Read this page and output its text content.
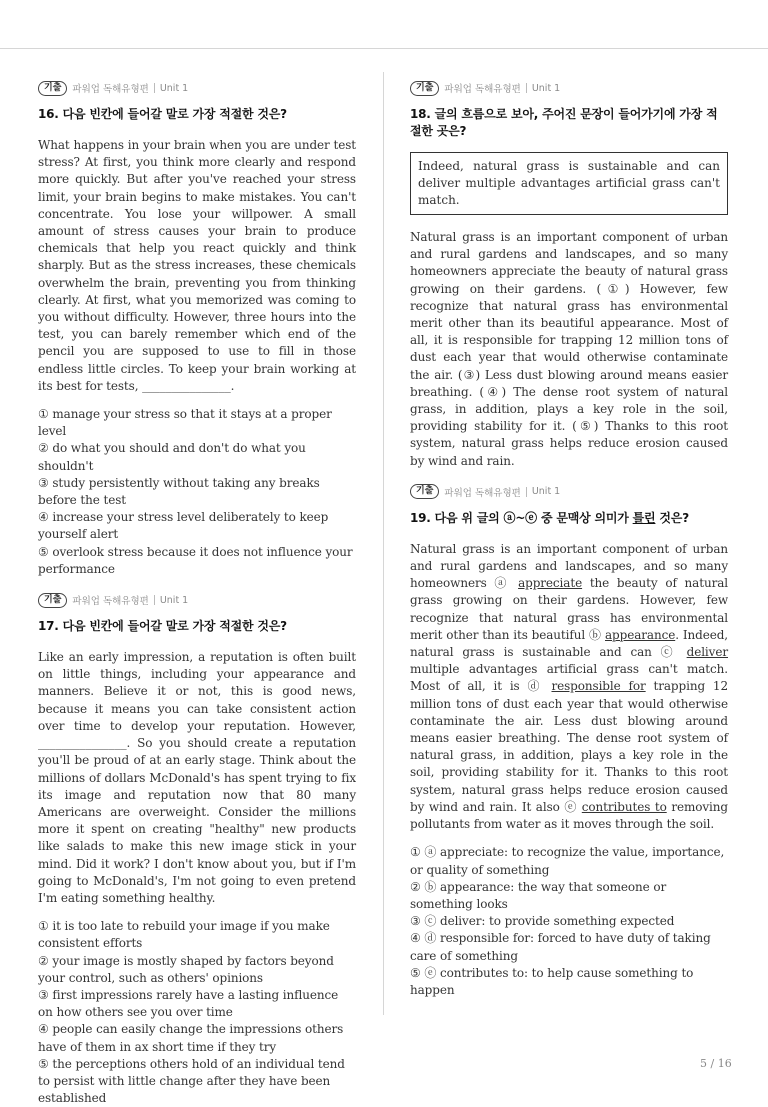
기출	파워업 독해유형편 Unit 1
16. 다음 빈칸에 들어갈 말로 가장 적절한 것은?
What happens in your brain when you are under test stress? At first, you think more clearly and respond more quickly. But after you've reached your stress limit, your brain begins to make mistakes. You can't concentrate. You lose your willpower. A small amount of stress causes your brain to produce chemicals that help you react quickly and think sharply. But as the stress increases, these chemicals overwhelm the brain, preventing you from thinking clearly. At first, what you memorized was coming to you without difficulty. However, three hours into the test, you can barely remember which end of the pencil you are supposed to use to fill in those endless little circles. To keep your brain working at its best for tests, _______________.
① manage your stress so that it stays at a proper level
② do what you should and don't do what you shouldn't
③ study persistently without taking any breaks before the test
④ increase your stress level deliberately to keep yourself alert
⑤ overlook stress because it does not influence your performance
기출	파워업 독해유형편 Unit 1
17. 다음 빈칸에 들어갈 말로 가장 적절한 것은?
Like an early impression, a reputation is often built on little things, including your appearance and manners. Believe it or not, this is good news, because it means you can take consistent action over time to develop your reputation. However, _______________. So you should create a reputation you'll be proud of at an early stage. Think about the millions of dollars McDonald's has spent trying to fix its image and reputation now that 80 many Americans are overweight. Consider the millions more it spent on creating "healthy" new products like salads to make this new image stick in your mind. Did it work? I don't know about you, but if I'm going to McDonald's, I'm not going to even pretend I'm eating something healthy.
① it is too late to rebuild your image if you make consistent efforts
② your image is mostly shaped by factors beyond your control, such as others' opinions
③ first impressions rarely have a lasting influence on how others see you over time
④ people can easily change the impressions others have of them in ax short time if they try
⑤ the perceptions others hold of an individual tend to persist with little change after they have been established
기출	파워업 독해유형편 Unit 1
18. 글의 흐름으로 보아, 주어진 문장이 들어가기에 가장 적절한 곳은?
Indeed, natural grass is sustainable and can deliver multiple advantages artificial grass can't match.
Natural grass is an important component of urban and rural gardens and landscapes, and so many homeowners appreciate the beauty of natural grass growing on their gardens. (①) However, few recognize that natural grass has environmental merit other than its beautiful appearance. Most of all, it is responsible for trapping 12 million tons of dust each year that would otherwise contaminate the air. (③) Less dust blowing around means easier breathing. (④) The dense root system of natural grass, in addition, plays a key role in the soil, providing stability for it. (⑤) Thanks to this root system, natural grass helps reduce erosion caused by wind and rain.
기출	파워업 독해유형편 Unit 1
19. 다음 위 글의 ⓐ~ⓔ 중 문맥상 의미가 틀린 것은?
Natural grass is an important component of urban and rural gardens and landscapes, and so many homeowners ⓐ appreciate the beauty of natural grass growing on their gardens. However, few recognize that natural grass has environmental merit other than its beautiful ⓑ appearance. Indeed, natural grass is sustainable and can ⓒ deliver multiple advantages artificial grass can't match. Most of all, it is ⓓ responsible for trapping 12 million tons of dust each year that would otherwise contaminate the air. Less dust blowing around means easier breathing. The dense root system of natural grass, in addition, plays a key role in the soil, providing stability for it. Thanks to this root system, natural grass helps reduce erosion caused by wind and rain. It also ⓔ contributes to removing pollutants from water as it moves through the soil.
① ⓐ appreciate: to recognize the value, importance, or quality of something
② ⓑ appearance: the way that someone or something looks
③ ⓒ deliver: to provide something expected
④ ⓓ responsible for: forced to have duty of taking care of something
⑤ ⓔ contributes to: to help cause something to happen
5 / 16
